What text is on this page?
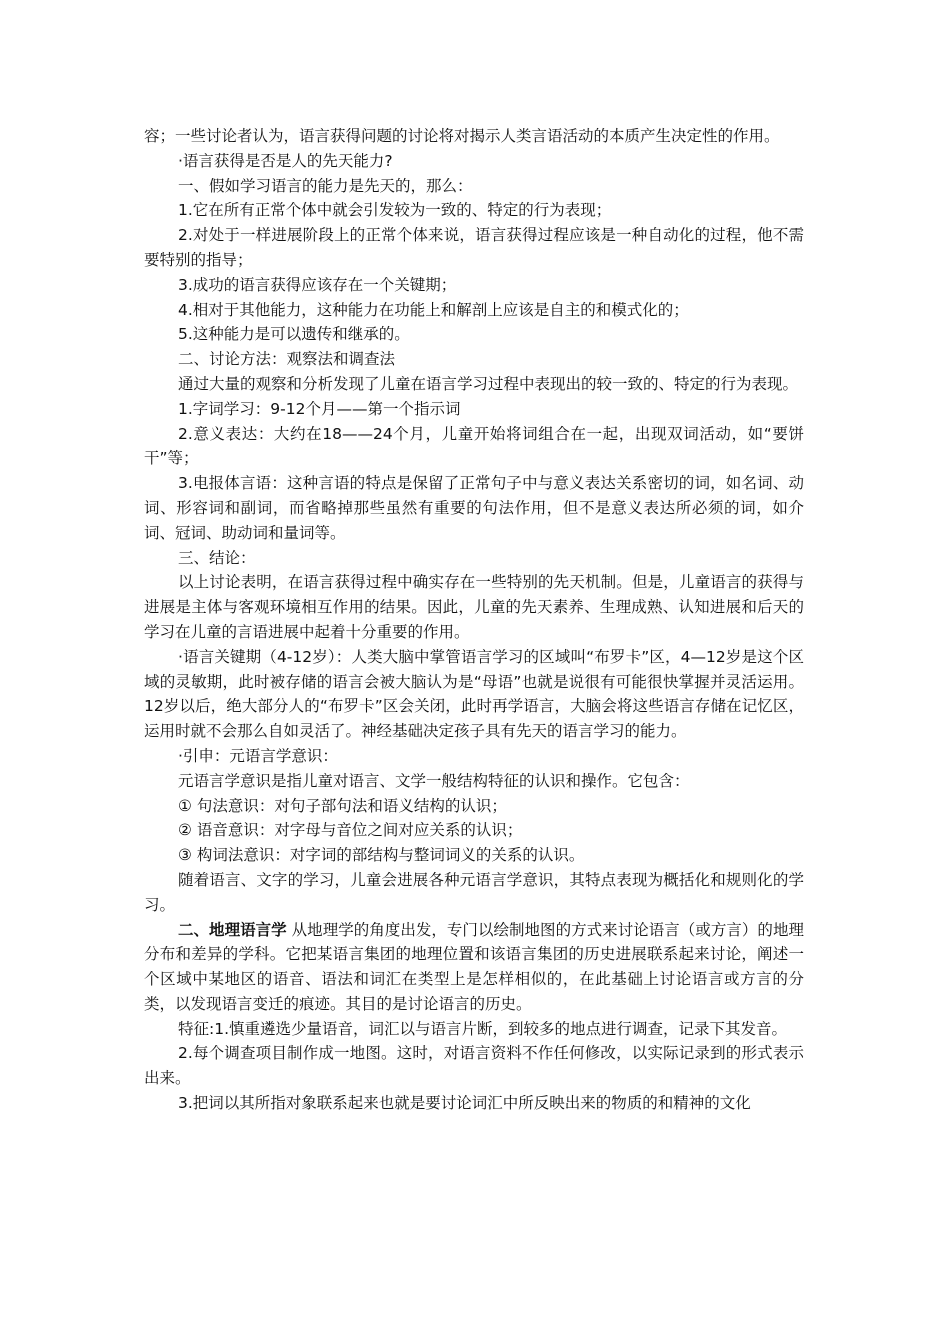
容；一些讨论者认为，语言获得问题的讨论将对揭示人类言语活动的本质产生决定性的作用。

·语言获得是否是人的先天能力?

一、假如学习语言的能力是先天的，那么：

1.它在所有正常个体中就会引发较为一致的、特定的行为表现；

2.对处于一样进展阶段上的正常个体来说，语言获得过程应该是一种自动化的过程，他不需要特别的指导；

3.成功的语言获得应该存在一个关键期；

4.相对于其他能力，这种能力在功能上和解剖上应该是自主的和模式化的；

5.这种能力是可以遗传和继承的。

二、讨论方法：观察法和调查法

通过大量的观察和分析发现了儿童在语言学习过程中表现出的较一致的、特定的行为表现。

1.字词学习：9-12个月——第一个指示词

2.意义表达：大约在18——24个月，儿童开始将词组合在一起，出现双词活动，如“要饼干”等；

3.电报体言语：这种言语的特点是保留了正常句子中与意义表达关系密切的词，如名词、动词、形容词和副词，而省略掉那些虽然有重要的句法作用，但不是意义表达所必须的词，如介词、冠词、助动词和量词等。

三、结论：

以上讨论表明，在语言获得过程中确实存在一些特别的先天机制。但是，儿童语言的获得与进展是主体与客观环境相互作用的结果。因此，儿童的先天素养、生理成熟、认知进展和后天的学习在儿童的言语进展中起着十分重要的作用。

·语言关键期（4-12岁）：人类大脑中掌管语言学习的区域叫“布罗卡”区，4—12岁是这个区域的灵敏期，此时被存储的语言会被大脑认为是“母语”也就是说很有可能很快掌握并灵活运用。12岁以后，绝大部分人的“布罗卡”区会关闭，此时再学语言，大脑会将这些语言存储在记忆区，运用时就不会那么自如灵活了。神经基础决定孩子具有先天的语言学习的能力。

·引申：元语言学意识：

元语言学意识是指儿童对语言、文学一般结构特征的认识和操作。它包含：

① 句法意识：对句子部句法和语义结构的认识；

② 语音意识：对字母与音位之间对应关系的认识；

③ 构词法意识：对字词的部结构与整词词义的关系的认识。

随着语言、文字的学习，儿童会进展各种元语言学意识，其特点表现为概括化和规则化的学习。

二、地理语言学 从地理学的角度出发，专门以绘制地图的方式来讨论语言（或方言）的地理分布和差异的学科。它把某语言集团的地理位置和该语言集团的历史进展联系起来讨论，阐述一个区域中某地区的语音、语法和词汇在类型上是怎样相似的，在此基础上讨论语言或方言的分类，以发现语言变迁的痕迹。其目的是讨论语言的历史。

特征:1.慎重遴选少量语音，词汇以与语言片断，到较多的地点进行调查，记录下其发音。

2.每个调查项目制作成一地图。这时，对语言资料不作任何修改，以实际记录到的形式表示出来。

3.把词以其所指对象联系起来也就是要讨论词汇中所反映出来的物质的和精神的文化
